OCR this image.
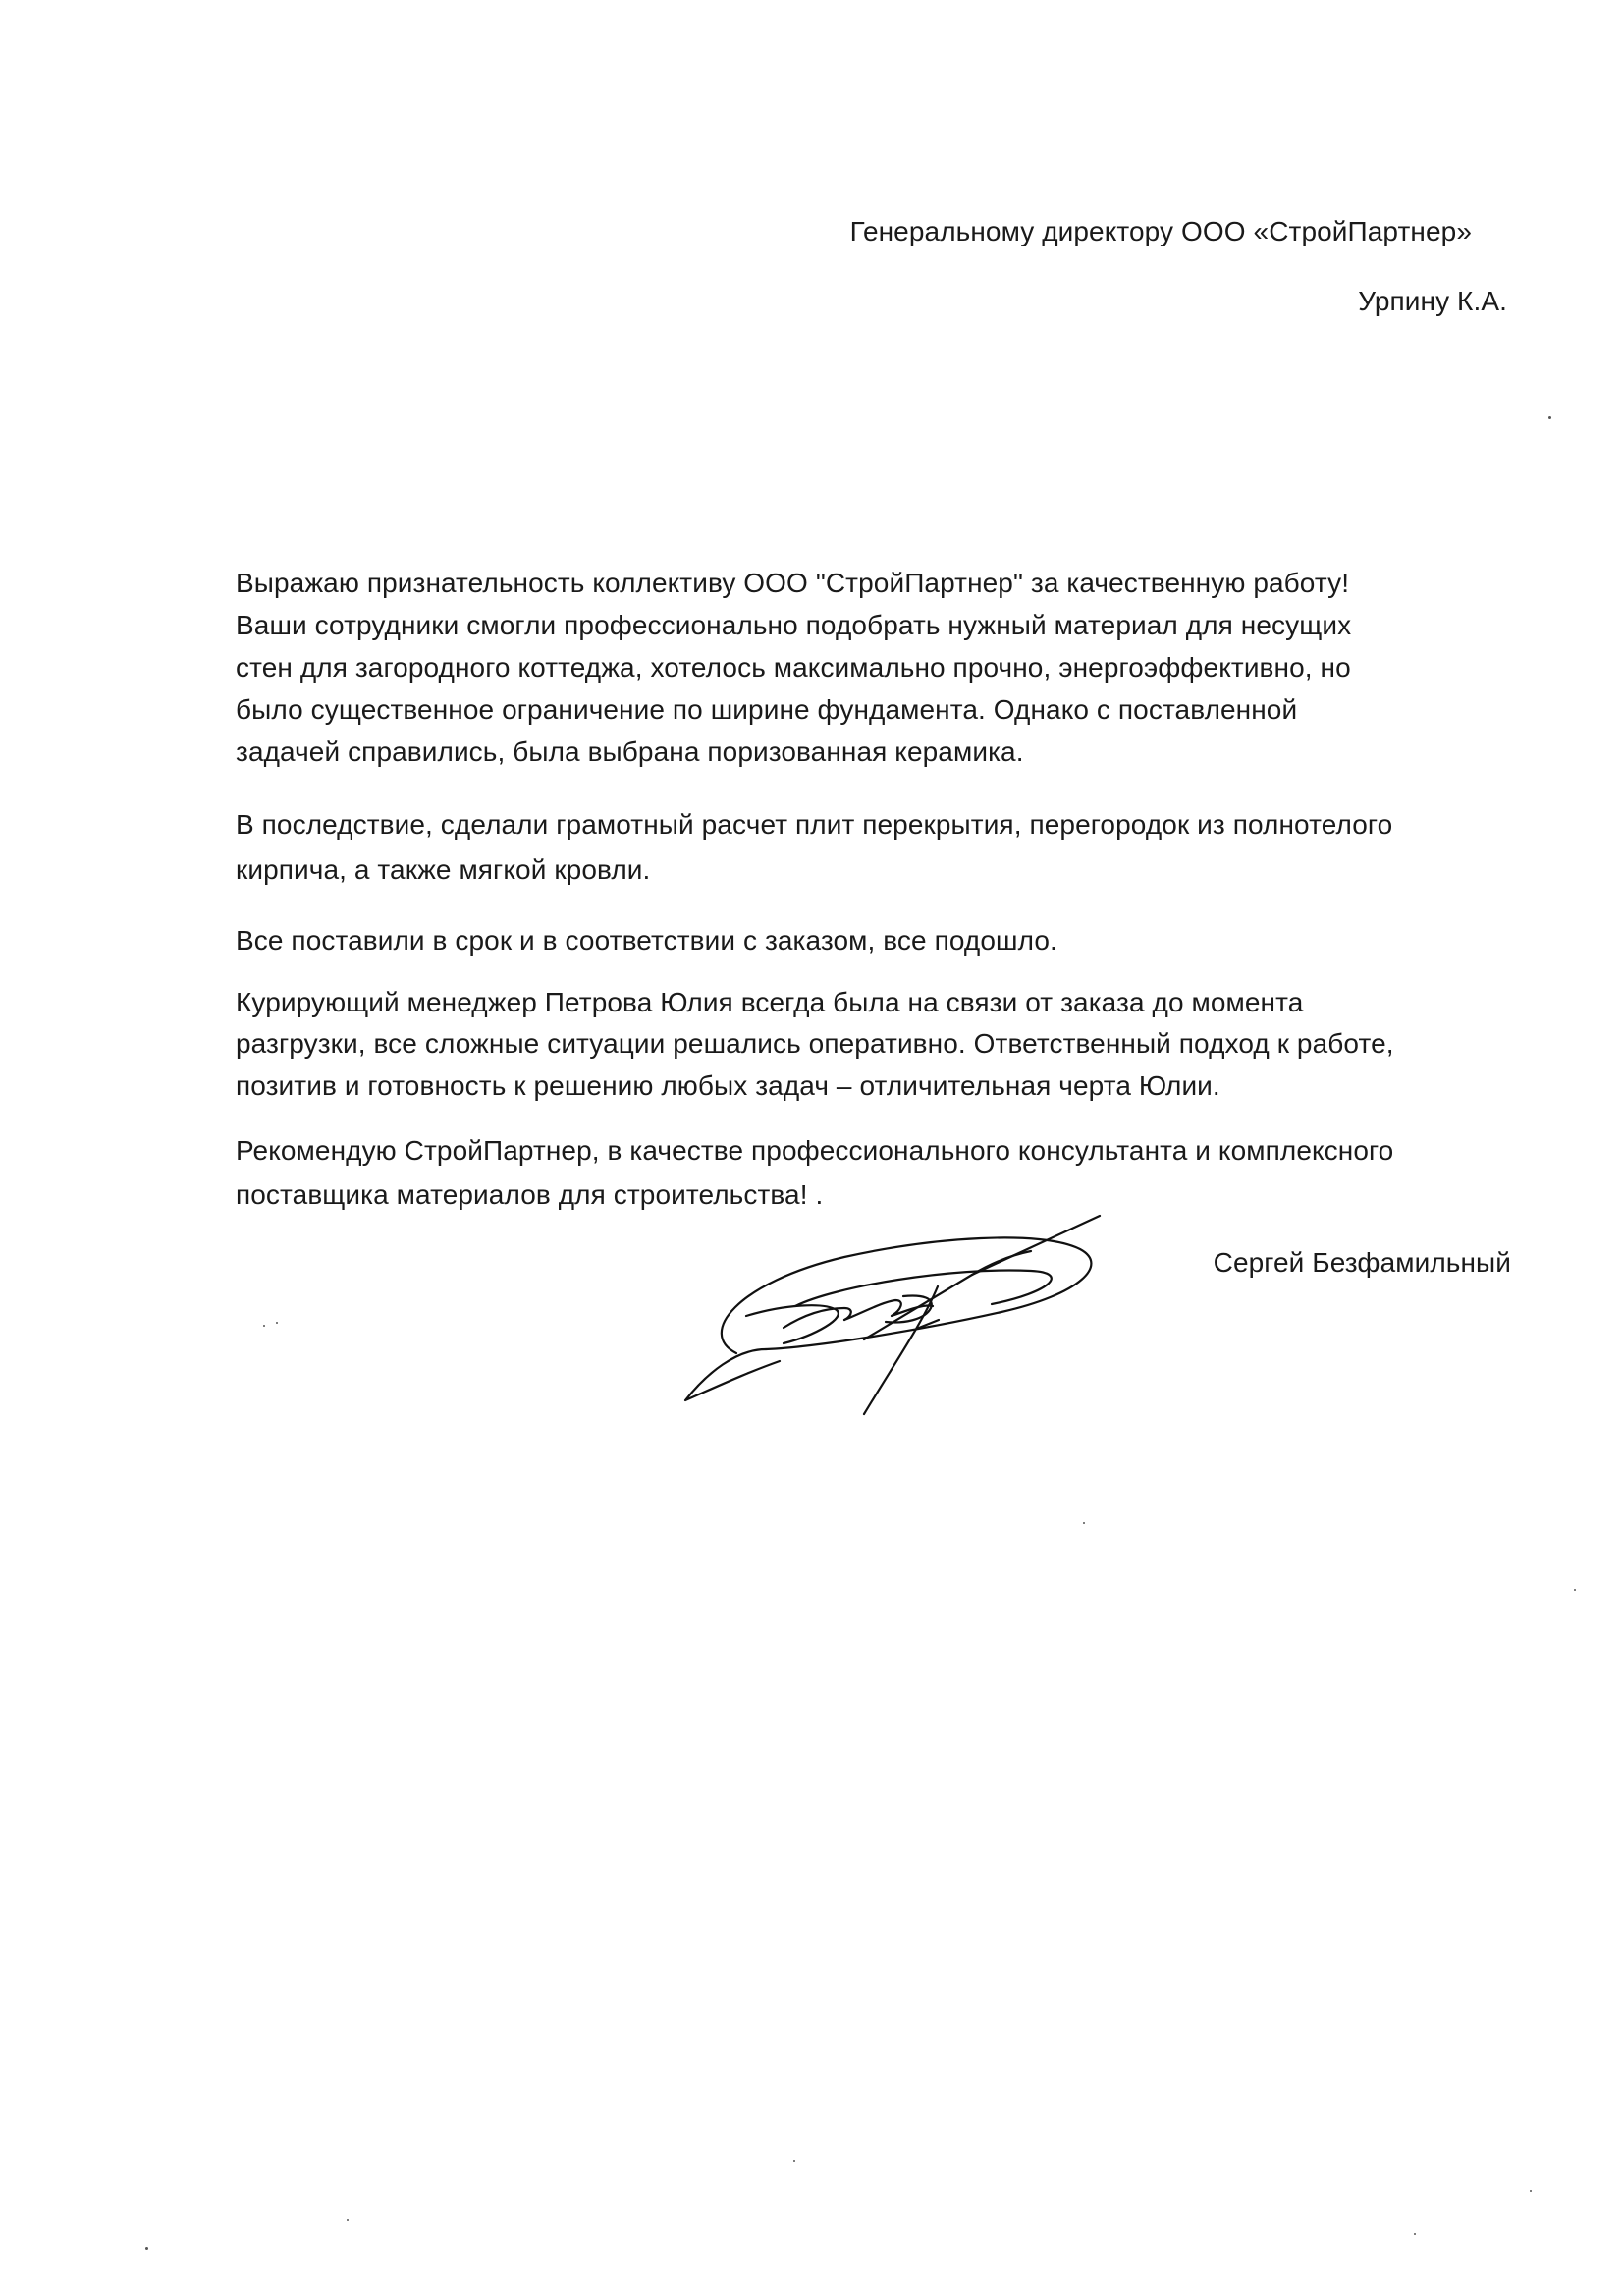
Генеральному директору ООО «СтройПартнер»
Урпину К.А.
Выражаю признательность коллективу ООО "СтройПартнер" за качественную работу!
Ваши сотрудники смогли профессионально подобрать нужный материал для несущих
стен для загородного коттеджа, хотелось максимально прочно, энергоэффективно, но
было существенное ограничение по ширине фундамента. Однако с поставленной
задачей справились, была выбрана поризованная керамика.
В последствие, сделали грамотный расчет плит перекрытия, перегородок из полнотелого
кирпича, а также мягкой кровли.
Все поставили в срок и в соответствии с заказом, все подошло.
Курирующий менеджер Петрова Юлия всегда была на связи от заказа до момента
разгрузки, все сложные ситуации решались оперативно. Ответственный подход к работе,
позитив и готовность к решению любых задач – отличительная черта Юлии.
Рекомендую СтройПартнер, в качестве профессионального консультанта и комплексного
поставщика материалов для строительства! .
Сергей Безфамильный
